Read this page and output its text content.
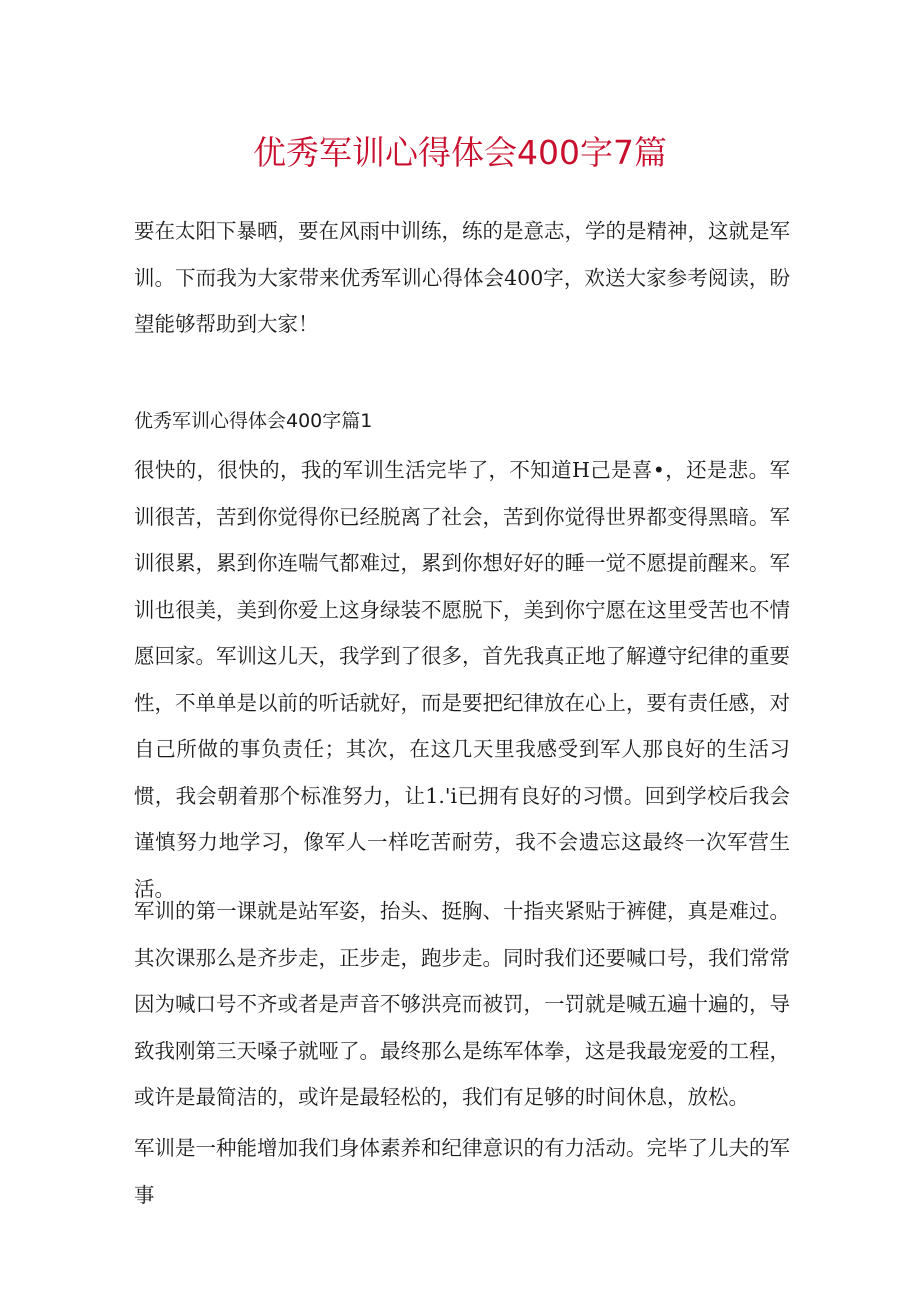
优秀军训心得体会400字7篇

要在太阳下暴晒，要在风雨中训练，练的是意志，学的是精神，这就是军训。下而我为大家带来优秀军训心得体会400字，欢送大家参考阅读，盼望能够帮助到大家！

优秀军训心得体会400字篇1

很快的，很快的，我的军训生活完毕了，不知道H己是喜•，还是悲。军训很苦，苦到你觉得你已经脱离了社会，苦到你觉得世界都变得黑暗。军训很累，累到你连喘气都难过，累到你想好好的睡一觉不愿提前醒来。军训也很美，美到你爱上这身绿装不愿脱下，美到你宁愿在这里受苦也不情愿回家。军训这儿天，我学到了很多，首先我真正地了解遵守纪律的重要性，不单单是以前的听话就好，而是要把纪律放在心上，要有责任感，对自己所做的事负责任；其次，在这几天里我感受到军人那良好的生活习惯，我会朝着那个标准努力，让1.'i已拥有良好的习惯。回到学校后我会谨慎努力地学习，像军人一样吃苦耐劳，我不会遗忘这最终一次军营生活。

军训的第一课就是站军姿，抬头、挺胸、十指夹紧贴于裤健，真是难过。其次课那么是齐步走，正步走，跑步走。同时我们还要喊口号，我们常常因为喊口号不齐或者是声音不够洪亮而被罚，一罚就是喊五遍十遍的，导致我刚第三天嗓子就哑了。最终那么是练军体拳，这是我最宠爱的工程，或许是最简洁的，或许是最轻松的，我们有足够的时间休息，放松。

军训是一种能增加我们身体素养和纪律意识的有力活动。完毕了儿夫的军事
